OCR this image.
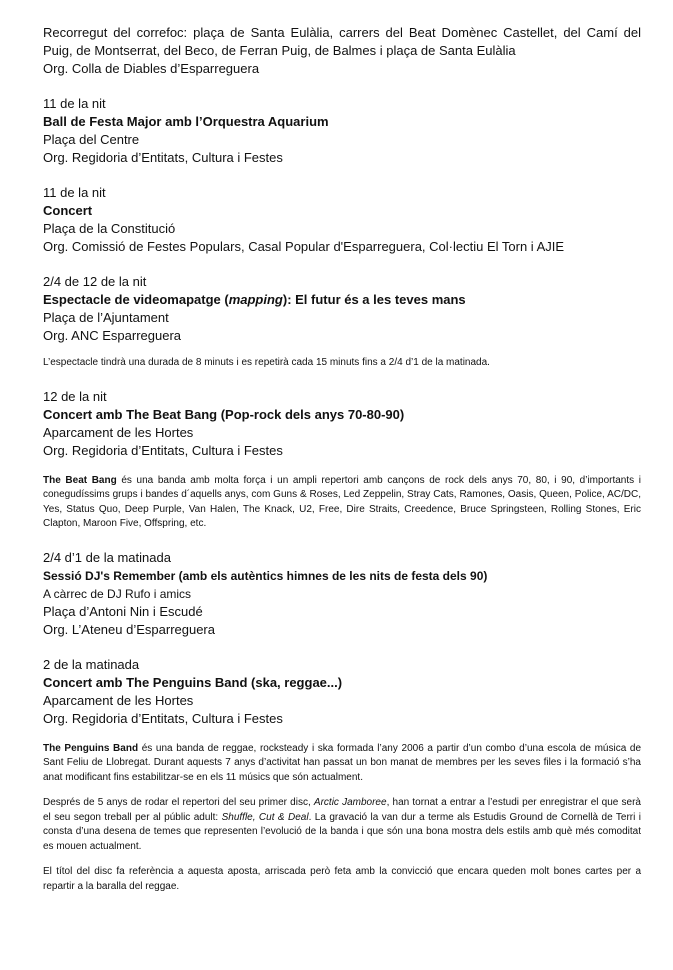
Recorregut del correfoc: plaça de Santa Eulàlia, carrers del Beat Domènec Castellet, del Camí del Puig, de Montserrat, del Beco, de Ferran Puig, de Balmes i plaça de Santa Eulàlia
Org. Colla de Diables d’Esparreguera
11 de la nit
Ball de Festa Major amb l’Orquestra Aquarium
Plaça del Centre
Org. Regidoria d’Entitats, Cultura i Festes
11 de la nit
Concert
Plaça de la Constitució
Org. Comissió de Festes Populars, Casal Popular d'Esparreguera, Col·lectiu El Torn i AJIE
2/4 de 12 de la nit
Espectacle de videomapatge (mapping): El futur és a les teves mans
Plaça de l’Ajuntament
Org. ANC Esparreguera
L’espectacle tindrà una durada de 8 minuts i es repetirà cada 15 minuts fins a 2/4 d’1 de la matinada.
12 de la nit
Concert amb The Beat Bang (Pop-rock dels anys 70-80-90)
Aparcament de les Hortes
Org. Regidoria d’Entitats, Cultura i Festes
The Beat Bang és una banda amb molta força i un ampli repertori amb cançons de rock dels anys 70, 80, i 90, d’importants i conegudíssims grups i bandes d´aquells anys, com Guns & Roses, Led Zeppelin, Stray Cats, Ramones, Oasis, Queen, Police, AC/DC, Yes, Status Quo, Deep Purple, Van Halen, The Knack, U2, Free, Dire Straits, Creedence, Bruce Springsteen, Rolling Stones, Eric Clapton, Maroon Five, Offspring, etc.
2/4 d’1 de la matinada
Sessió DJ's Remember (amb els autèntics himnes de les nits de festa dels 90)
A càrrec de DJ Rufo i amics
Plaça d’Antoni Nin i Escudé
Org. L’Ateneu d’Esparreguera
2 de la matinada
Concert amb The Penguins Band (ska, reggae...)
Aparcament de les Hortes
Org. Regidoria d’Entitats, Cultura i Festes
The Penguins Band és una banda de reggae, rocksteady i ska formada l’any 2006 a partir d’un combo d’una escola de música de Sant Feliu de Llobregat. Durant aquests 7 anys d’activitat han passat un bon manat de membres per les seves files i la formació s’ha anat modificant fins estabilitzar-se en els 11 músics que són actualment.
Després de 5 anys de rodar el repertori del seu primer disc, Arctic Jamboree, han tornat a entrar a l’estudi per enregistrar el que serà el seu segon treball per al públic adult: Shuffle, Cut & Deal. La gravació la van dur a terme als Estudis Ground de Cornellà de Terri i consta d’una desena de temes que representen l’evolució de la banda i que són una bona mostra dels estils amb què més comoditat es mouen actualment.
El títol del disc fa referència a aquesta aposta, arriscada però feta amb la convicció que encara queden molt bones cartes per a repartir a la baralla del reggae.
